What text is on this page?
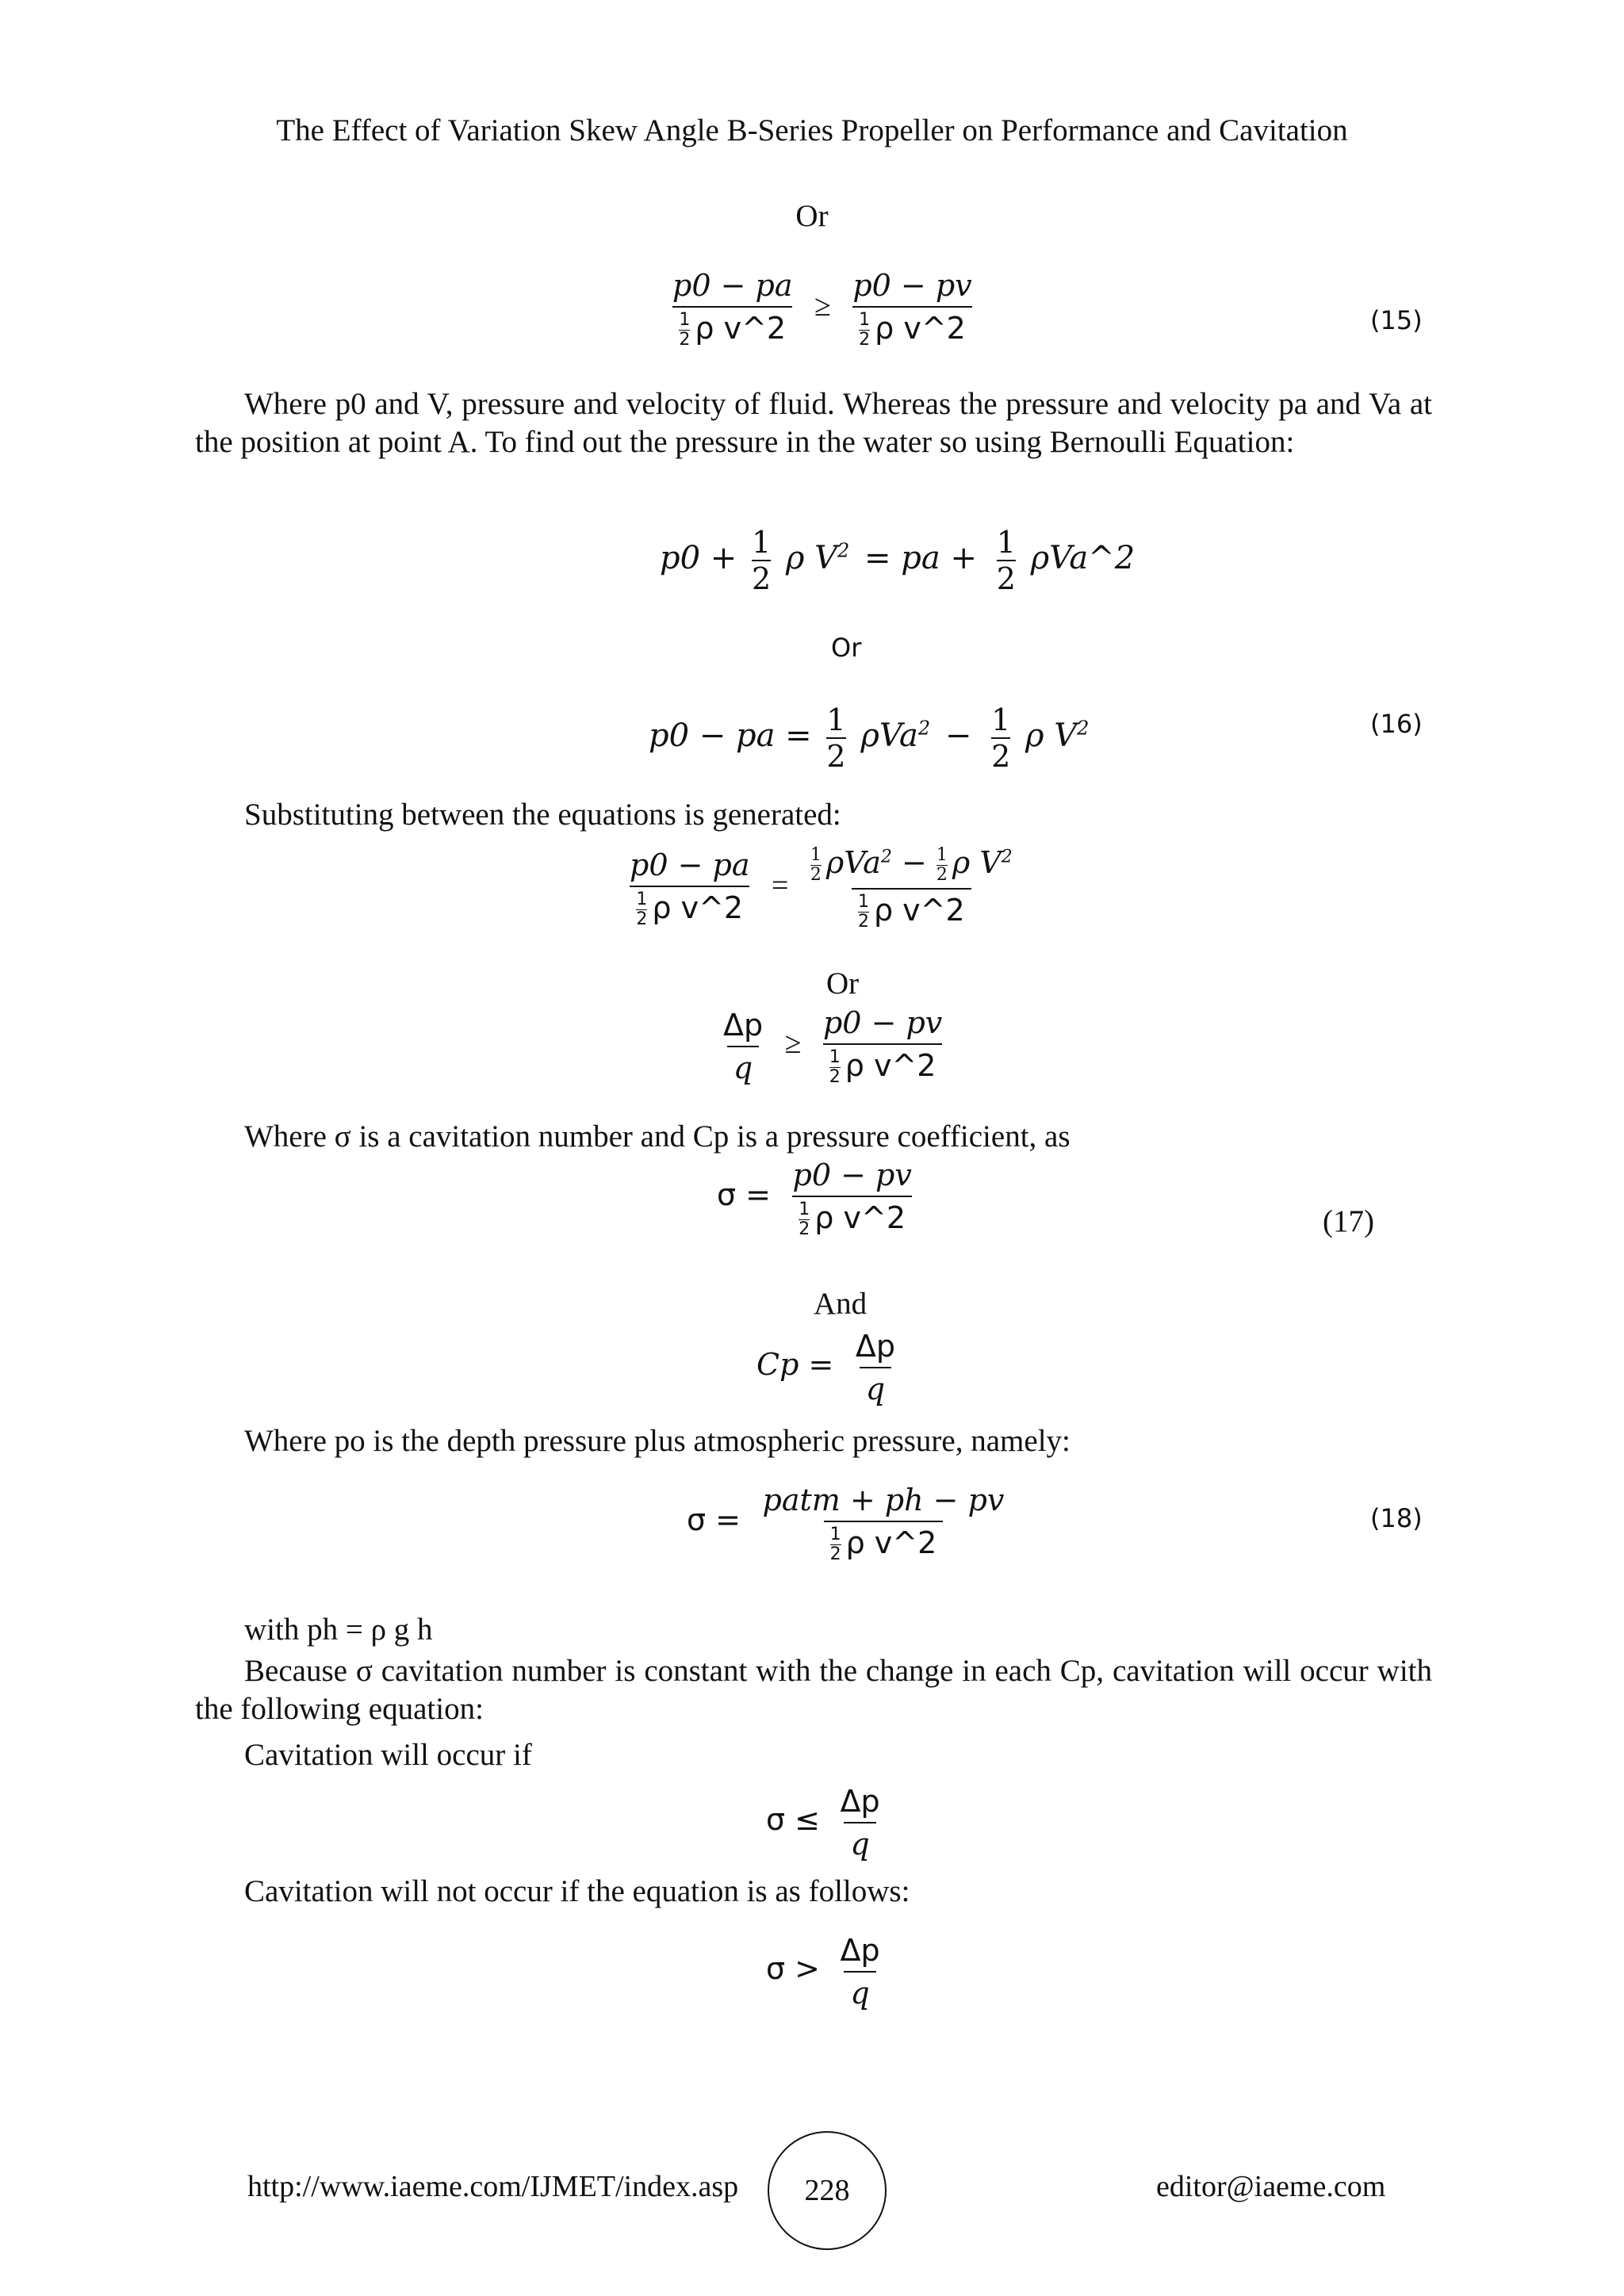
The Effect of Variation Skew Angle B-Series Propeller on Performance and Cavitation
Or
$\frac{p0 - pa}{\frac{1}{2} \rho v\^{}2} \ge \frac{p0 - pv}{\frac{1}{2} \rho v\^{}2}$	(15)
Where p0 and V, pressure and velocity of fluid. Whereas the pressure and velocity pa and Va at the position at point A. To find out the pressure in the water so using Bernoulli Equation:
$p0 + \frac{1}{2}$ ρ $V^2$ = pa + $\frac{1}{2}$ ρVa^2
Or
p0 − pa = $\frac{1}{2} \rho Va^2 - \frac{1}{2}$ ρ $V^2$	(16)
Substituting between the equations is generated:
$\frac{p0 - pa}{\frac{1}{2} \rho v\^{}2} = \frac{\frac{1}{2} \rho Va^2 - \frac{1}{2} \rho V^2}{\frac{1}{2} \rho v\^{}2}$
Or
$\frac{\Delta p}{q} \ge \frac{p0 - pv}{\frac{1}{2} \rho v\^{}2}$
Where σ is a cavitation number and Cp is a pressure coefficient, as
$\sigma = \frac{p0 - pv}{\frac{1}{2} \rho v\^{}2}$	(17)
And
$Cp = \frac{\Delta p}{q}$
Where po is the depth pressure plus atmospheric pressure, namely:
$\sigma = \frac{\text{patm + ph − pv}}{\frac{1}{2} \rho v\^{}2}$	(18)
with ph = ρ g h
Because σ cavitation number is constant with the change in each Cp, cavitation will occur with the following equation:
Cavitation will occur if
$\sigma \le \frac{\Delta p}{q}$
Cavitation will not occur if the equation is as follows:
$\sigma > \frac{\Delta p}{q}$
http://www.iaeme.com/IJMET/index.asp	228	editor@iaeme.com
